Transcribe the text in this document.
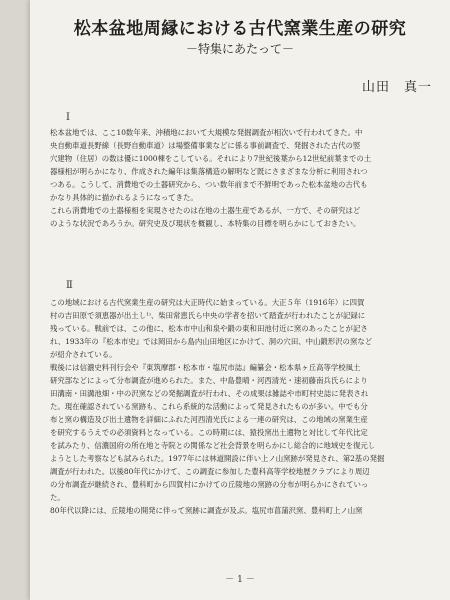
松本盆地周縁における古代窯業生産の研究
－特集にあたって－
山田　真一
Ⅰ
松本盆地では、ここ10数年来、沖積地において大規模な発掘調査が相次いで行われてきた。中
央自動車道長野線（長野自動車道）は場整備事業などに係る事前調査で、発掘された古代の竪
穴建物（住居）の数は優に1000棟をこしている。それにより7世紀後葉から12世紀前葉までの土
器様相が明らかになり、作成された編年は集落構造の解明など既にさまざまな分析に利用されつ
つある。こうして、消費地での土器研究から、つい数年前まで不鮮明であった松本盆地の古代も
かなり具体的に描かれるようになってきた。
これら消費地での土器様相を実現させたのは在地の土器生産であるが、一方で、その研究はど
のような状況であろうか。研究史及び現状を概観し、本特集の目標を明らかにしておきたい。
Ⅱ
この地域における古代窯業生産の研究は大正時代に始まっている。大正５年（1916年）に四賀
村の吉田原で須恵器が出土し¹⁾、柴田常恵氏ら中央の学者を招いて踏査が行われたことが記録に
残っている。戦前では、この他に、松本市中山和泉や鍛の東和田池付近に窯のあったことが記さ
れ、1933年の『松本市史』では岡田から島内山田地区にかけて、洞の穴田、中山鍛形沢の窯など
が紹介されている。
戦後には信濃史料刊行会や『東筑摩郡・松本市・塩尻市誌』編纂会・松本県ヶ丘高等学校風土
研究部などによって分布調査が進められた。また、中島豊晴・河西清光・速初藤南兵氏らにより
田溝南・田溝池畑・中の沢窯などの発掘調査が行われ、その成果は雑誌や市町村史誌に発表され
た。現在確認されている窯跡も、これら系統的な活動によって発見されたものが多い。中でも分
布と窯の構造及び出土遺物を詳細にふれた河西清光氏による一連の研究は、この地域の窯業生産
を研究するうえでの必須資料となっている。この時期には、猿投窯出土遺物と対比して年代比定
を試みたり、信濃国府の所在地と寺院との関係など社会背景を明らかにし総合的に地域史を復元し
ようとした考察なども試みられた。1977年には林道開設に伴い上ノ山窯跡が発見され、第2基の発掘
調査が行われた。以後80年代にかけて、この調査に参加した豊科高等学校地歴クラブにより周辺
の分布調査が継続され、豊科町から四賀村にかけての丘陵地の窯跡の分布が明らかにされていっ
た。
80年代以降には、丘陵地の開発に伴って窯跡に調査が及ぶ。塩尻市菖蒲沢窯、豊科町上ノ山窯
－ 1 －
